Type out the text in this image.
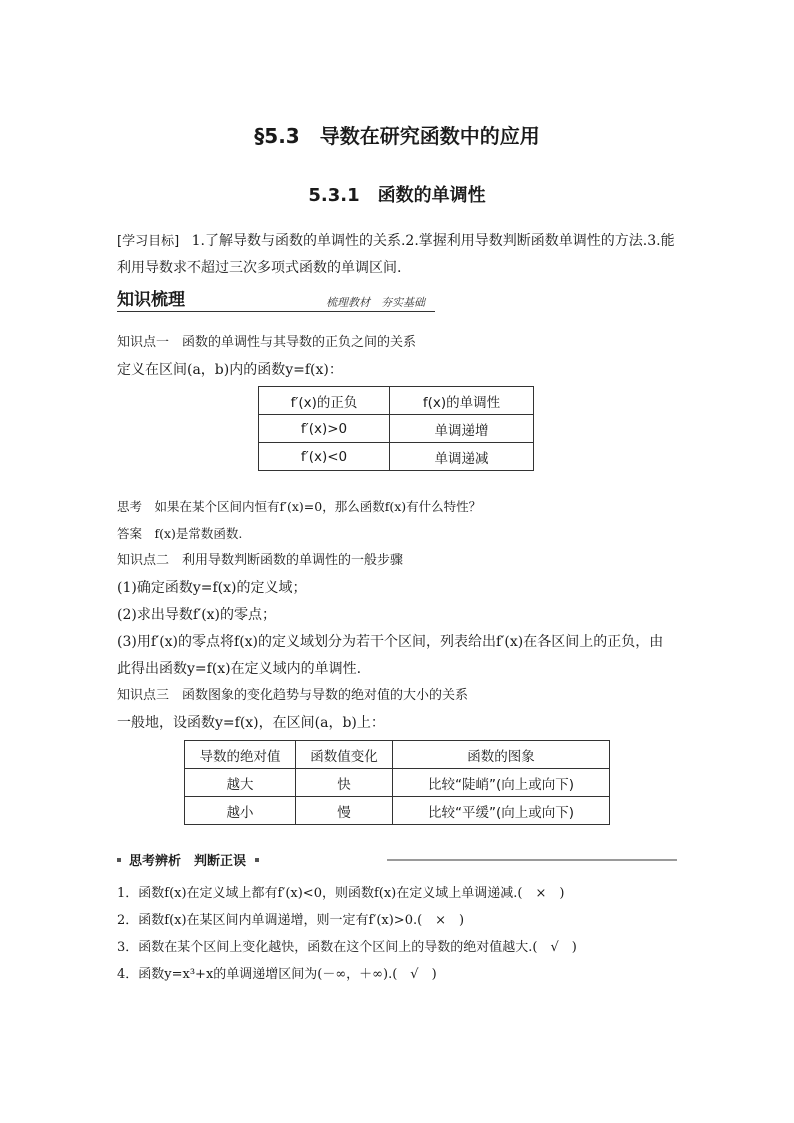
§5.3　导数在研究函数中的应用
5.3.1　函数的单调性
[学习目标] 1.了解导数与函数的单调性的关系.2.掌握利用导数判断函数单调性的方法.3.能
利用导数求不超过三次多项式函数的单调区间.
知识梳理	梳理教材　夯实基础
知识点一　函数的单调性与其导数的正负之间的关系
定义在区间(a，b)内的函数y=f(x)：
f′(x)的正负	f(x)的单调性
f′(x)>0	单调递增
f′(x)<0	单调递减
思考　如果在某个区间内恒有f′(x)=0，那么函数f(x)有什么特性？
答案　f(x)是常数函数.
知识点二　利用导数判断函数的单调性的一般步骤
(1)确定函数y=f(x)的定义域；
(2)求出导数f′(x)的零点；
(3)用f′(x)的零点将f(x)的定义域划分为若干个区间，列表给出f′(x)在各区间上的正负，由
此得出函数y=f(x)在定义域内的单调性.
知识点三　函数图象的变化趋势与导数的绝对值的大小的关系
一般地，设函数y=f(x)，在区间(a，b)上：
导数的绝对值	函数值变化	函数的图象
越大	快	比较“陡峭”(向上或向下)
越小	慢	比较“平缓”(向上或向下)
思考辨析　判断正误
1．函数f(x)在定义域上都有f′(x)<0，则函数f(x)在定义域上单调递减.(　×　)
2．函数f(x)在某区间内单调递增，则一定有f′(x)>0.(　×　)
3．函数在某个区间上变化越快，函数在这个区间上的导数的绝对值越大.(　√　)
4．函数y=x³+x的单调递增区间为(－∞，＋∞).(　√　)
